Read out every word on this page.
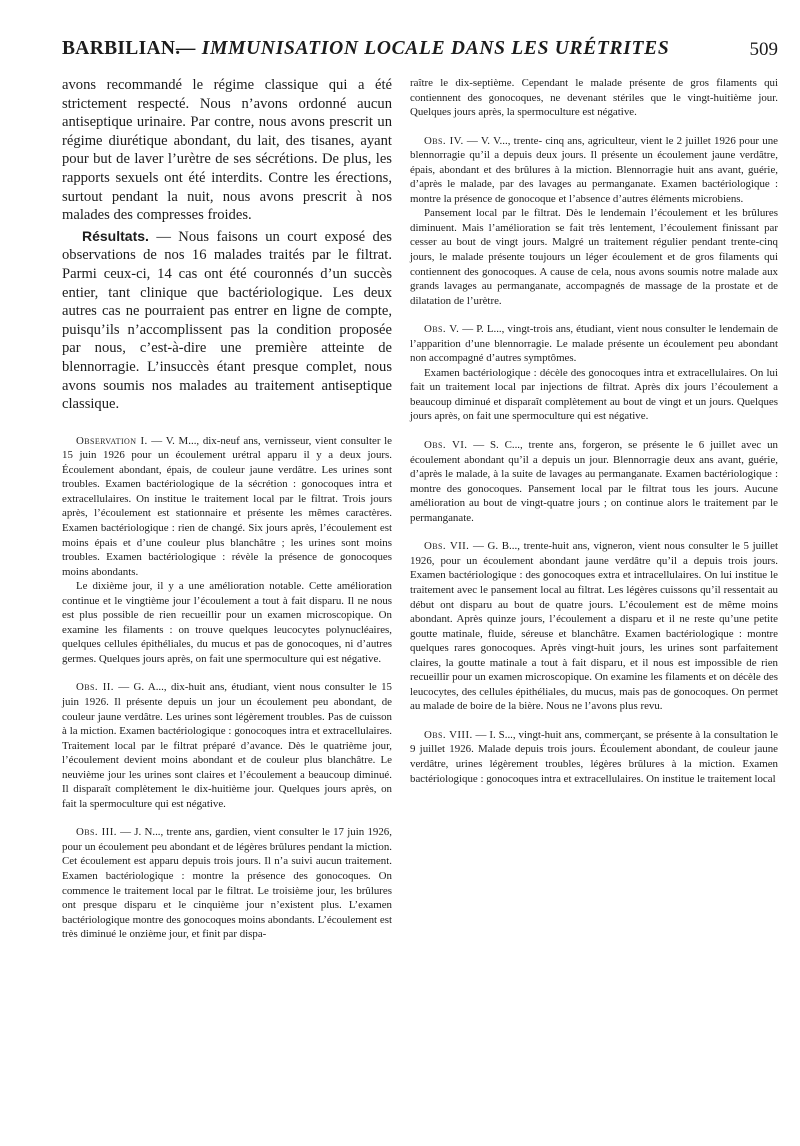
BARBILIAN.
— IMMUNISATION LOCALE DANS LES URÉTRITES	509

avons recommandé le régime classique qui a été strictement respecté. Nous n’avons ordonné aucun antiseptique urinaire. Par contre, nous avons prescrit un régime diurétique abondant, du lait, des tisanes, ayant pour but de laver l’urètre de ses sécrétions. De plus, les rapports sexuels ont été interdits. Contre les érections, surtout pendant la nuit, nous avons prescrit à nos malades des compresses froides.

Résultats. — Nous faisons un court exposé des observations de nos 16 malades traités par le filtrat. Parmi ceux-ci, 14 cas ont été couronnés d’un succès entier, tant clinique que bactériologique. Les deux autres cas ne pourraient pas entrer en ligne de compte, puisqu’ils n’accomplissent pas la condition proposée par nous, c’est-à-dire une première atteinte de blennorragie. L’insuccès étant presque complet, nous avons soumis nos malades au traitement antiseptique classique.

Observation I. — V. M..., dix-neuf ans, vernisseur, vient consulter le 15 juin 1926 pour un écoulement urétral apparu il y a deux jours. Écoulement abondant, épais, de couleur jaune verdâtre. Les urines sont troubles. Examen bactériologique de la sécrétion : gonocoques intra et extracellulaires. On institue le traitement local par le filtrat. Trois jours après, l’écoulement est stationnaire et présente les mêmes caractères. Examen bactériologique : rien de changé. Six jours après, l’écoulement est moins épais et d’une couleur plus blanchâtre ; les urines sont moins troubles. Examen bactériologique : révèle la présence de gonocoques moins abondants.

Le dixième jour, il y a une amélioration notable. Cette amélioration continue et le vingtième jour l’écoulement a tout à fait disparu. Il ne nous est plus possible de rien recueillir pour un examen microscopique. On examine les filaments : on trouve quelques leucocytes polynucléaires, quelques cellules épithéliales, du mucus et pas de gonocoques, ni d’autres germes. Quelques jours après, on fait une spermoculture qui est négative.

Obs. II. — G. A..., dix-huit ans, étudiant, vient nous consulter le 15 juin 1926. Il présente depuis un jour un écoulement peu abondant, de couleur jaune verdâtre. Les urines sont légèrement troubles. Pas de cuisson à la miction. Examen bactériologique : gonocoques intra et extracellulaires. Traitement local par le filtrat préparé d’avance. Dès le quatrième jour, l’écoulement devient moins abondant et de couleur plus blanchâtre. Le neuvième jour les urines sont claires et l’écoulement a beaucoup diminué. Il disparaît complètement le dix-huitième jour. Quelques jours après, on fait la spermoculture qui est négative.

Obs. III. — J. N..., trente ans, gardien, vient consulter le 17 juin 1926, pour un écoulement peu abondant et de légères brûlures pendant la miction. Cet écoulement est apparu depuis trois jours. Il n’a suivi aucun traitement. Examen bactériologique : montre la présence des gonocoques. On commence le traitement local par le filtrat. Le troisième jour, les brûlures ont presque disparu et le cinquième jour n’existent plus. L’examen bactériologique montre des gonocoques moins abondants. L’écoulement est très diminué le onzième jour, et finit par dispa-

raître le dix-septième. Cependant le malade présente de gros filaments qui contiennent des gonocoques, ne devenant stériles que le vingt-huitième jour. Quelques jours après, la spermoculture est négative.

Obs. IV. — V. V..., trente- cinq ans, agriculteur, vient le 2 juillet 1926 pour une blennorragie qu’il a depuis deux jours. Il présente un écoulement jaune verdâtre, épais, abondant et des brûlures à la miction. Blennorragie huit ans avant, guérie, d’après le malade, par des lavages au permanganate. Examen bactériologique : montre la présence de gonocoque et l’absence d’autres éléments microbiens.

Pansement local par le filtrat. Dès le lendemain l’écoulement et les brûlures diminuent. Mais l’amélioration se fait très lentement, l’écoulement finissant par cesser au bout de vingt jours. Malgré un traitement régulier pendant trente-cinq jours, le malade présente toujours un léger écoulement et de gros filaments qui contiennent des gonocoques. A cause de cela, nous avons soumis notre malade aux grands lavages au permanganate, accompagnés de massage de la prostate et de dilatation de l’urètre.

Obs. V. — P. L..., vingt-trois ans, étudiant, vient nous consulter le lendemain de l’apparition d’une blennorragie. Le malade présente un écoulement peu abondant non accompagné d’autres symptômes.

Examen bactériologique : décèle des gonocoques intra et extracellulaires. On lui fait un traitement local par injections de filtrat. Après dix jours l’écoulement a beaucoup diminué et disparaît complètement au bout de vingt et un jours. Quelques jours après, on fait une spermoculture qui est négative.

Obs. VI. — S. C..., trente ans, forgeron, se présente le 6 juillet avec un écoulement abondant qu’il a depuis un jour. Blennorragie deux ans avant, guérie, d’après le malade, à la suite de lavages au permanganate. Examen bactériologique : montre des gonocoques. Pansement local par le filtrat tous les jours. Aucune amélioration au bout de vingt-quatre jours ; on continue alors le traitement par le permanganate.

Obs. VII. — G. B..., trente-huit ans, vigneron, vient nous consulter le 5 juillet 1926, pour un écoulement abondant jaune verdâtre qu’il a depuis trois jours. Examen bactériologique : des gonocoques extra et intracellulaires. On lui institue le traitement avec le pansement local au filtrat. Les légères cuissons qu’il ressentait au début ont disparu au bout de quatre jours. L’écoulement est de même moins abondant. Après quinze jours, l’écoulement a disparu et il ne reste qu’une petite goutte matinale, fluide, séreuse et blanchâtre. Examen bactériologique : montre quelques rares gonocoques. Après vingt-huit jours, les urines sont parfaitement claires, la goutte matinale a tout à fait disparu, et il nous est impossible de rien recueillir pour un examen microscopique. On examine les filaments et on décèle des leucocytes, des cellules épithéliales, du mucus, mais pas de gonocoques. On permet au malade de boire de la bière. Nous ne l’avons plus revu.

Obs. VIII. — I. S..., vingt-huit ans, commerçant, se présente à la consultation le 9 juillet 1926. Malade depuis trois jours. Écoulement abondant, de couleur jaune verdâtre, urines légèrement troubles, légères brûlures à la miction. Examen bactériologique : gonocoques intra et extracellulaires. On institue le traitement local
